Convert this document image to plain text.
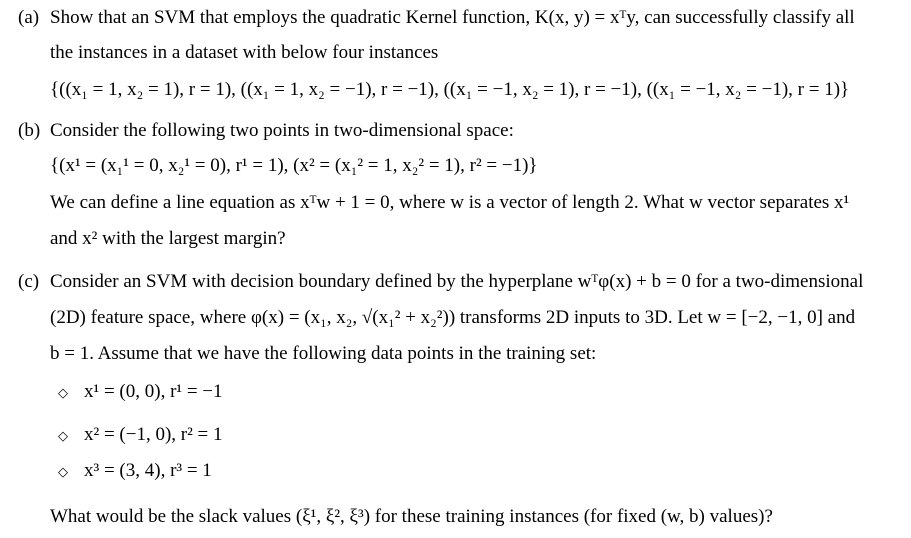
(a) Show that an SVM that employs the quadratic Kernel function, K(x, y) = xᵀy, can successfully classify all
the instances in a dataset with below four instances
{((x₁ = 1, x₂ = 1), r = 1), ((x₁ = 1, x₂ = −1), r = −1), ((x₁ = −1, x₂ = 1), r = −1), ((x₁ = −1, x₂ = −1), r = 1)}
(b) Consider the following two points in two-dimensional space:
{(x¹ = (x₁¹ = 0, x₂¹ = 0), r¹ = 1), (x² = (x₁² = 1, x₂² = 1), r² = −1)}
We can define a line equation as xᵀw + 1 = 0, where w is a vector of length 2. What w vector separates x¹
and x² with the largest margin?
(c) Consider an SVM with decision boundary defined by the hyperplane wᵀφ(x) + b = 0 for a two-dimensional
(2D) feature space, where φ(x) = (x₁, x₂, √(x₁² + x₂²)) transforms 2D inputs to 3D. Let w = [−2, −1, 0] and
b = 1. Assume that we have the following data points in the training set:
◇ x¹ = (0, 0), r¹ = −1
◇ x² = (−1, 0), r² = 1
◇ x³ = (3, 4), r³ = 1
What would be the slack values (ξ¹, ξ², ξ³) for these training instances (for fixed (w, b) values)?
